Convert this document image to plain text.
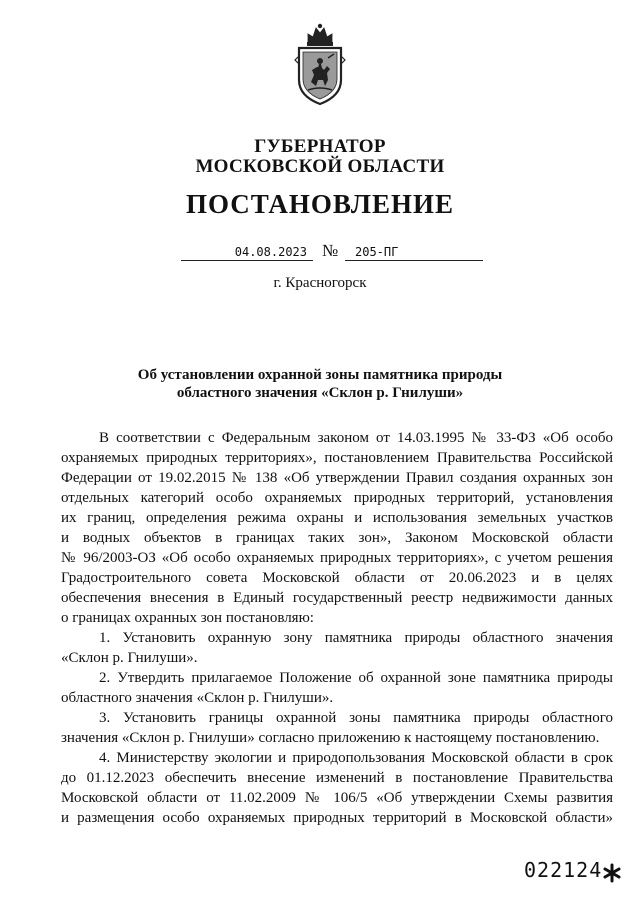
ГУБЕРНАТОР
МОСКОВСКОЙ ОБЛАСТИ
ПОСТАНОВЛЕНИЕ
04.08.2023 №	205-ПГ
г. Красногорск
Об установлении охранной зоны памятника природы
областного значения «Склон р. Гнилуши»
В соответствии с Федеральным законом от 14.03.1995 № 33-ФЗ «Об особо
охраняемых природных территориях», постановлением Правительства Российской
Федерации от 19.02.2015 № 138 «Об утверждении Правил создания охранных зон
отдельных категорий особо охраняемых природных территорий, установления
их границ, определения режима охраны и использования земельных участков
и водных объектов в границах таких зон», Законом Московской области
№ 96/2003-ОЗ «Об особо охраняемых природных территориях», с учетом решения
Градостроительного совета Московской области от 20.06.2023 и в целях
обеспечения внесения в Единый государственный реестр недвижимости данных
о границах охранных зон постановляю:
1. Установить охранную зону памятника природы областного значения
«Склон р. Гнилуши».
2. Утвердить прилагаемое Положение об охранной зоне памятника природы
областного значения «Склон р. Гнилуши».
3. Установить границы охранной зоны памятника природы областного
значения «Склон р. Гнилуши» согласно приложению к настоящему постановлению.
4. Министерству экологии и природопользования Московской области в срок
до 01.12.2023 обеспечить внесение изменений в постановление Правительства
Московской области от 11.02.2009 № 106/5 «Об утверждении Схемы развития
и размещения особо охраняемых природных территорий в Московской области»
022124
